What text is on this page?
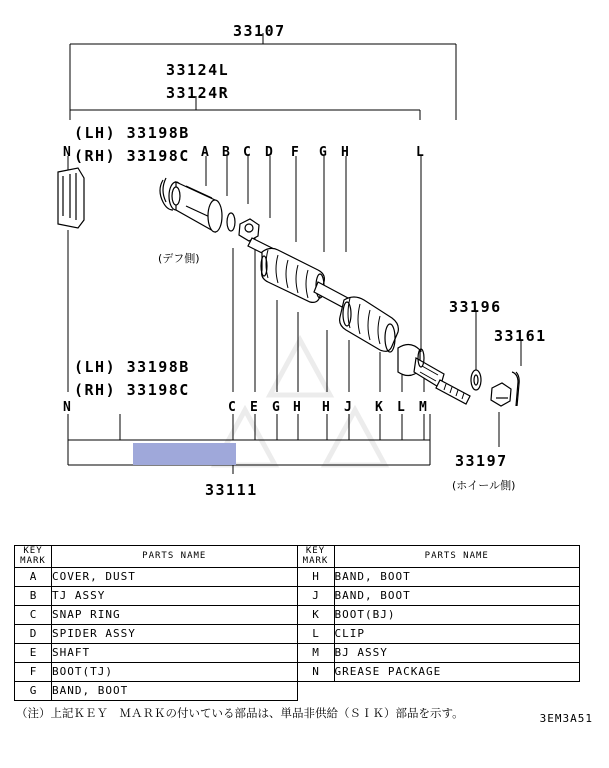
33107
33124L
33124R
(LH) 33198B
(RH) 33198C
(LH) 33198B
(RH) 33198C
33196
33161
33197
33111
(デフ側)
(ホイール側)
N	A B C D F G H	L
N	C E G H H J K L M
KEY
MARK
	PARTS NAME	
KEY
MARK
	PARTS NAME
A	COVER, DUST	H	BAND, BOOT
B	TJ ASSY	J	BAND, BOOT
C	SNAP RING	K	BOOT(BJ)
D	SPIDER ASSY	L	CLIP
E	SHAFT	M	BJ ASSY
F	BOOT(TJ)	N	GREASE PACKAGE
G	BAND, BOOT		
（注）上記ＫＥＹ　ＭＡＲＫの付いている部品は、単品非供給（ＳＩＫ）部品を示す。	3EM3A51
